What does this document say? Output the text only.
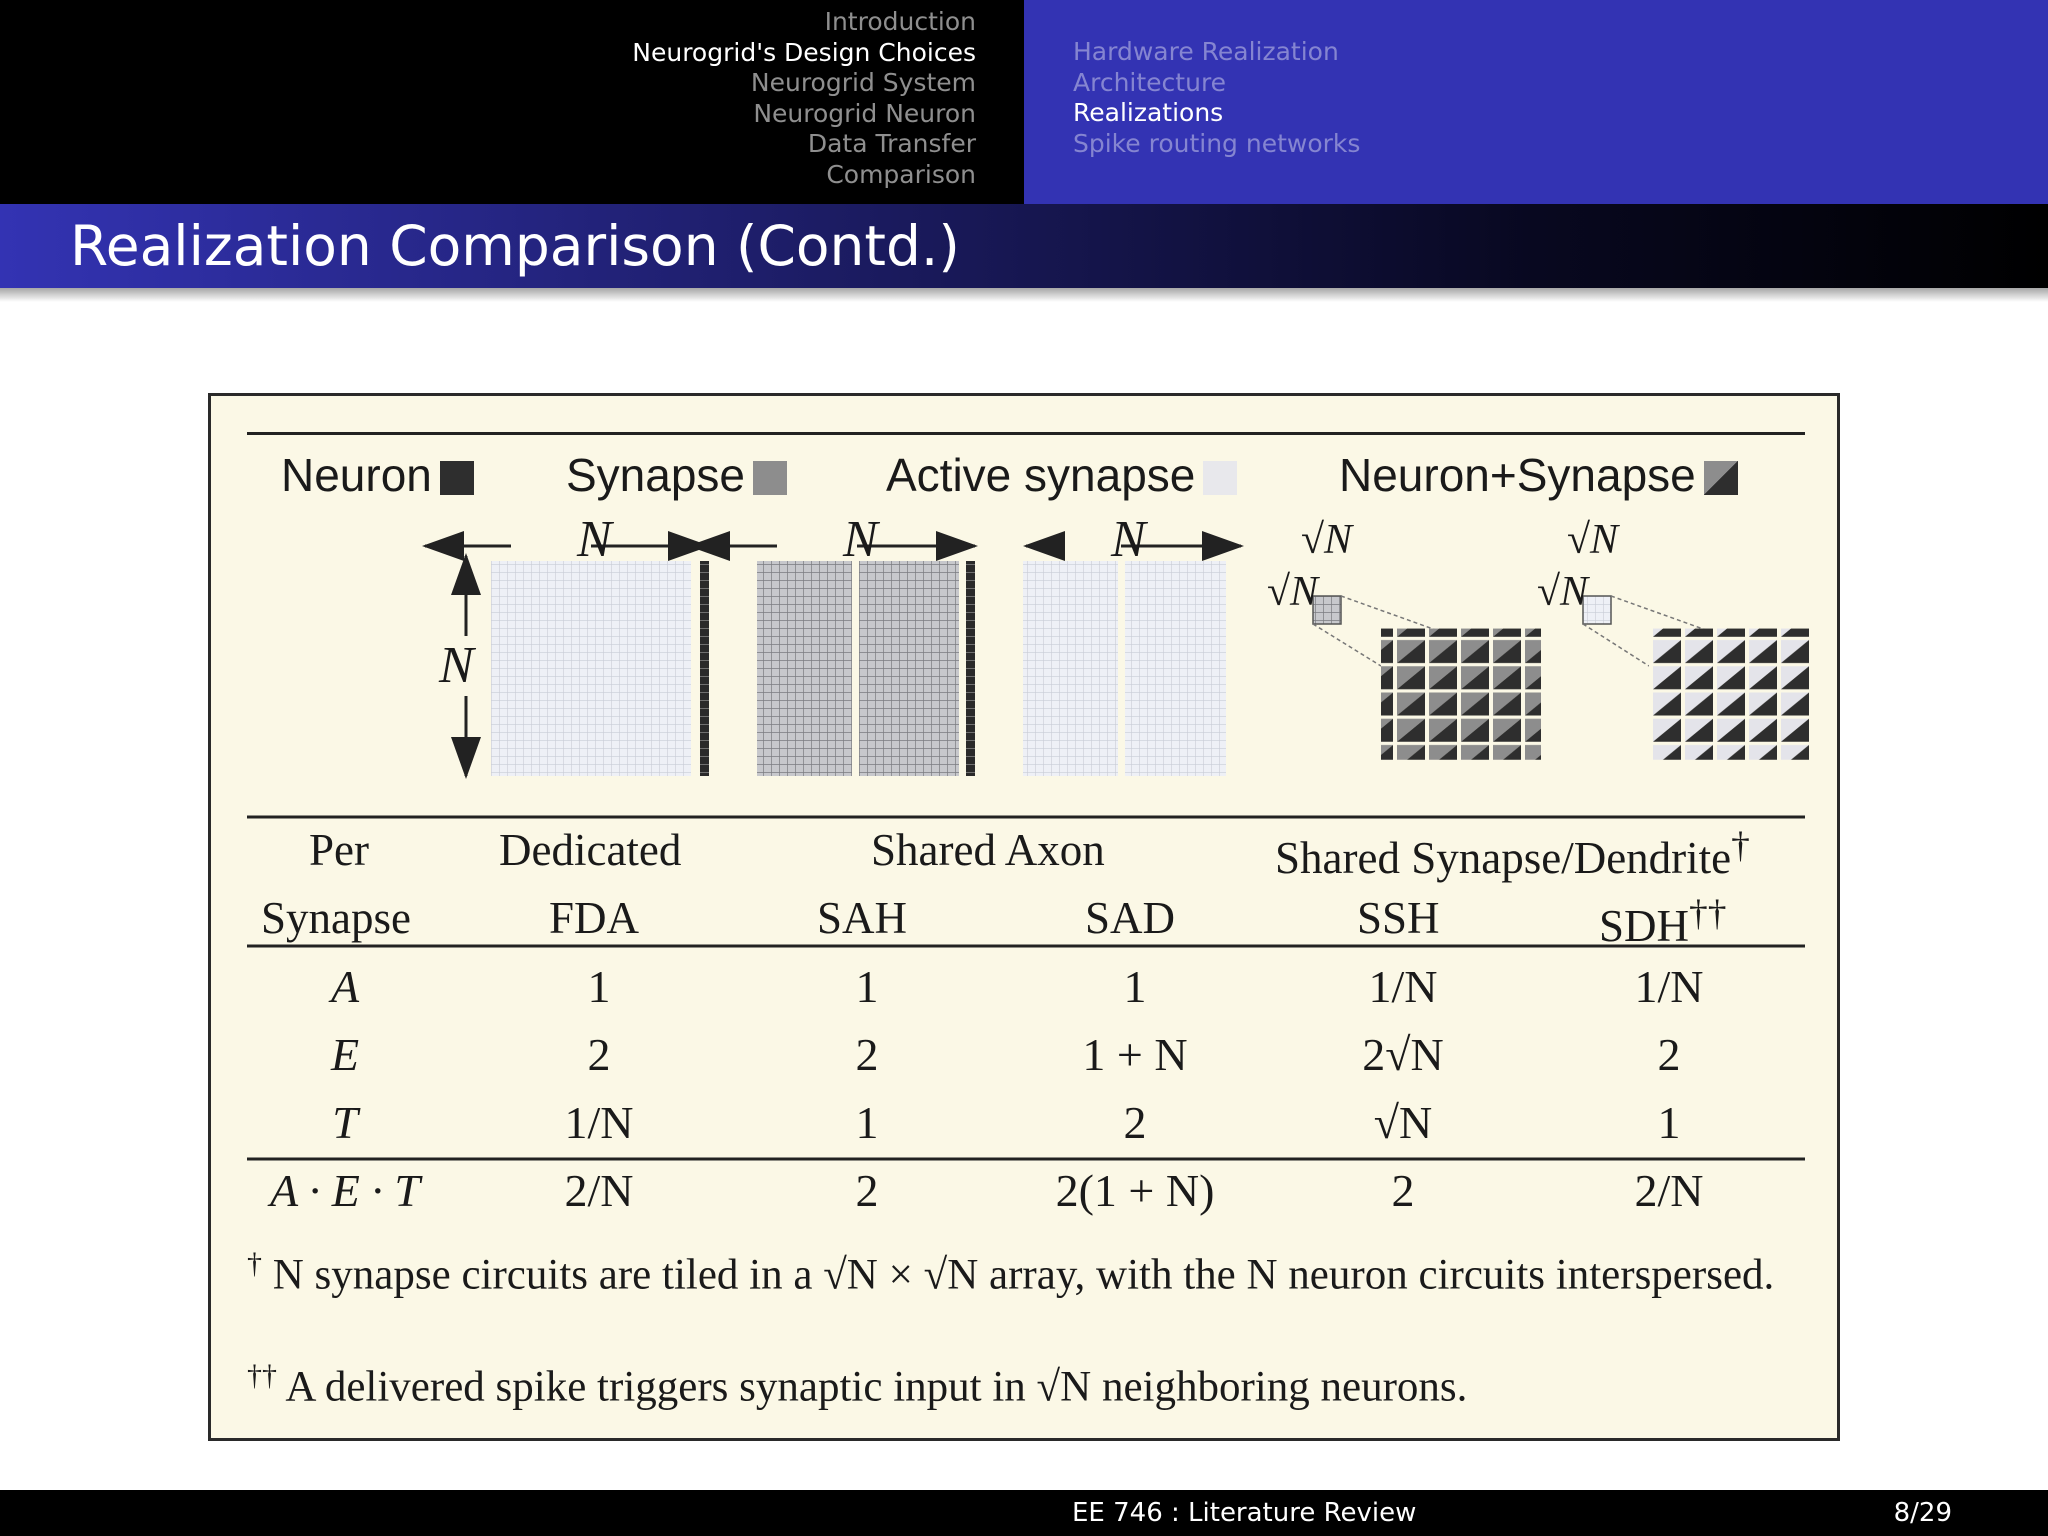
Introduction
Neurogrid's Design Choices
Neurogrid System
Neurogrid Neuron
Data Transfer
Comparison
Hardware Realization
Architecture
Realizations
Spike routing networks
Realization Comparison (Contd.)
Neuron	Synapse	Active synapse	Neuron+Synapse
N	N	N
N
√N
√N
√N
√N
Per	Dedicated	Shared Axon	Shared Synapse/Dendrite†
Synapse	FDA	SAH	SAD	SSH	SDH††
A	1	1	1	1/N	1/N
E	2	2	1 + N	2√N	2
T	1/N	1	2	√N	1
A · E · T	2/N	2	2(1 + N)	2	2/N
† N synapse circuits are tiled in a √N × √N array, with the N neuron circuits interspersed.
†† A delivered spike triggers synaptic input in √N neighboring neurons.
EE 746 : Literature Review	8/29
